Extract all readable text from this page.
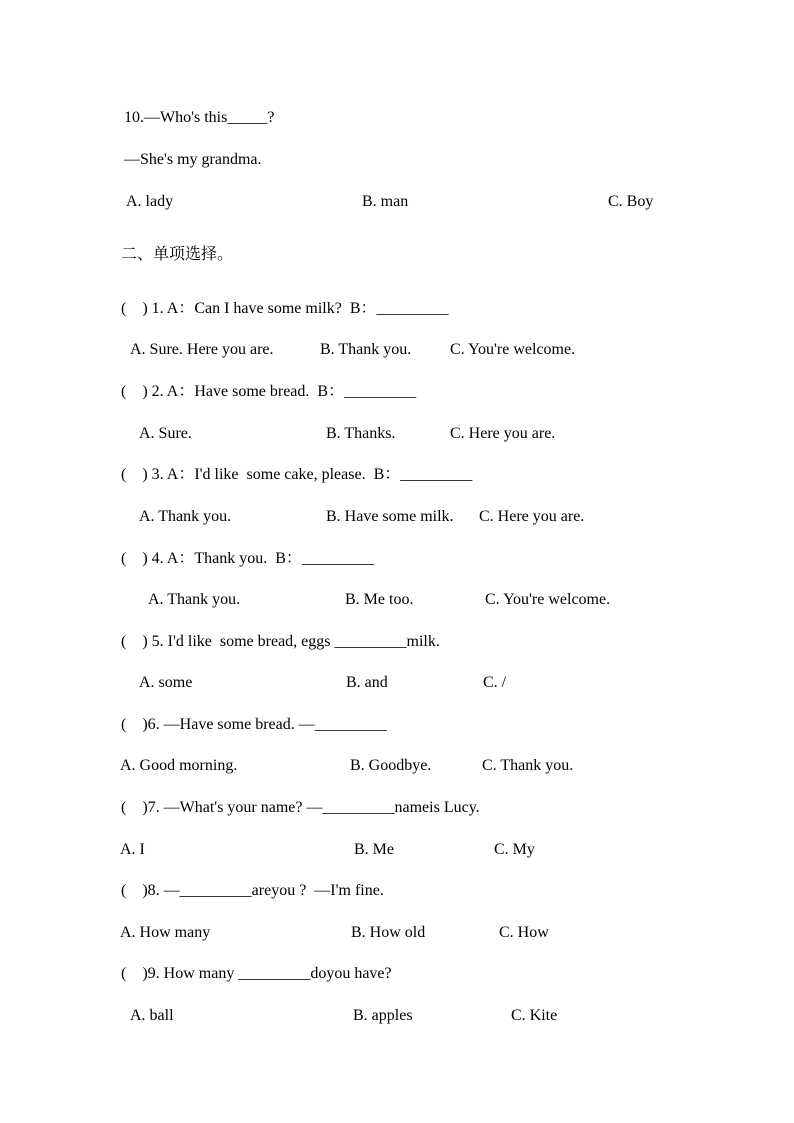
10.—Who's this_____?
—She's my grandma.
A. lady	B. man	C. Boy
二、单项选择。
(    ) 1. A：Can I have some milk?  B：_________
A. Sure. Here you are.	B. Thank you. C. You're welcome.
(    ) 2. A：Have some bread.  B：_________
A. Sure.	B. Thanks.	C. Here you are.
(    ) 3. A：I'd like  some cake, please.  B：_________
A. Thank you.	B. Have some milk. C. Here you are.
(    ) 4. A：Thank you.  B：_________
A. Thank you.	B. Me too.	C. You're welcome.
(    ) 5. I'd like  some bread, eggs _________milk.
A. some	B. and	C. /
(    )6. —Have some bread. —_________
A. Good morning.	B. Goodbye.	C. Thank you.
(    )7. —What's your name? —_________nameis Lucy.
A. I	B. Me	C. My
(    )8. —_________areyou ?  —I'm fine.
A. How many	B. How old	C. How
(    )9. How many _________doyou have?
A. ball	B. apples	C. Kite
